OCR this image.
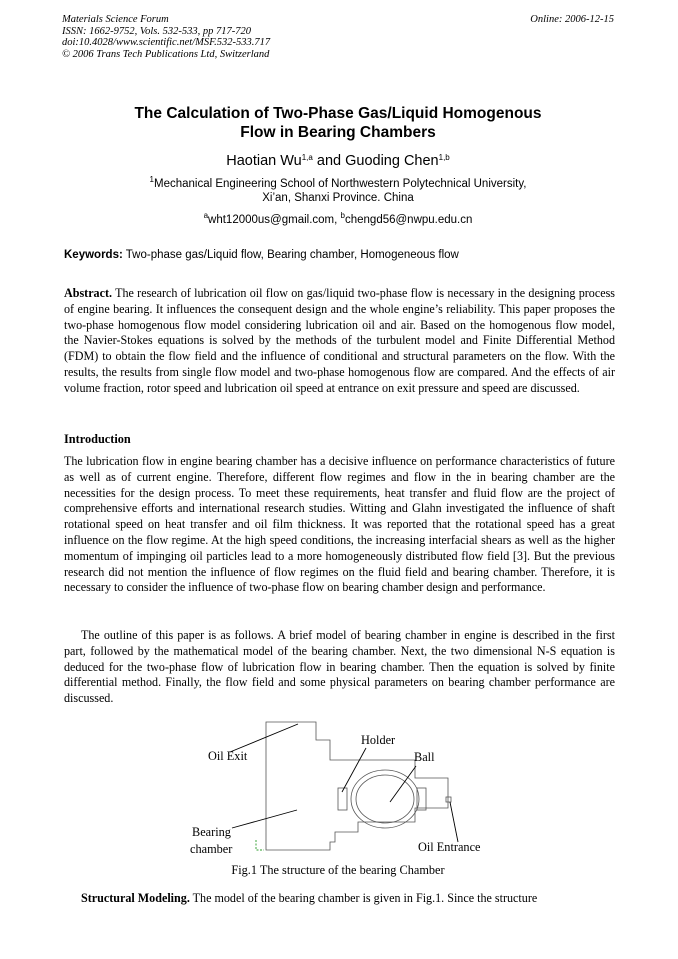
Materials Science Forum
ISSN: 1662-9752, Vols. 532-533, pp 717-720
doi:10.4028/www.scientific.net/MSF.532-533.717
© 2006 Trans Tech Publications Ltd, Switzerland
Online: 2006-12-15
The Calculation of Two-Phase Gas/Liquid Homogenous
Flow in Bearing Chambers
Haotian Wu$^{1,a}$ and Guoding Chen$^{1,b}$
$^1$Mechanical Engineering School of Northwestern Polytechnical University,
Xi’an, Shanxi Province. China
$^a$wht12000us@gmail.com, $^b$chengd56@nwpu.edu.cn
Keywords: Two-phase gas/Liquid flow, Bearing chamber, Homogeneous flow
Abstract. The research of lubrication oil flow on gas/liquid two-phase flow is necessary in the designing process of engine bearing. It influences the consequent design and the whole engine’s reliability. This paper proposes the two-phase homogenous flow model considering lubrication oil and air. Based on the homogenous flow model, the Navier-Stokes equations is solved by the methods of the turbulent model and Finite Differential Method (FDM) to obtain the flow field and the influence of conditional and structural parameters on the flow. With the results, the results from single flow model and two-phase homogenous flow are compared. And the effects of air volume fraction, rotor speed and lubrication oil speed at entrance on exit pressure and speed are discussed.
Introduction
The lubrication flow in engine bearing chamber has a decisive influence on performance characteristics of future as well as of current engine. Therefore, different flow regimes and flow in the in bearing chamber are the necessities for the design process. To meet these requirements, heat transfer and fluid flow are the project of comprehensive efforts and international research studies. Witting and Glahn investigated the influence of shaft rotational speed on heat transfer and oil film thickness. It was reported that the rotational speed has a great influence on the flow regime. At the high speed conditions, the increasing interfacial shears as well as the higher momentum of impinging oil particles lead to a more homogeneously distributed flow field [3]. But the previous research did not mention the influence of flow regimes on the fluid field and bearing chamber. Therefore, it is necessary to consider the influence of two-phase flow on bearing chamber design and performance.
The outline of this paper is as follows. A brief model of bearing chamber in engine is described in the first part, followed by the mathematical model of the bearing chamber. Next, the two dimensional N-S equation is deduced for the two-phase flow of lubrication flow in bearing chamber. Then the equation is solved by finite differential method. Finally, the flow field and some physical parameters on bearing chamber performance are discussed.
Oil Exit
Holder
Ball
Bearing
chamber	Oil Entrance
Fig.1 The structure of the bearing Chamber
Structural Modeling. The model of the bearing chamber is given in Fig.1. Since the structure
